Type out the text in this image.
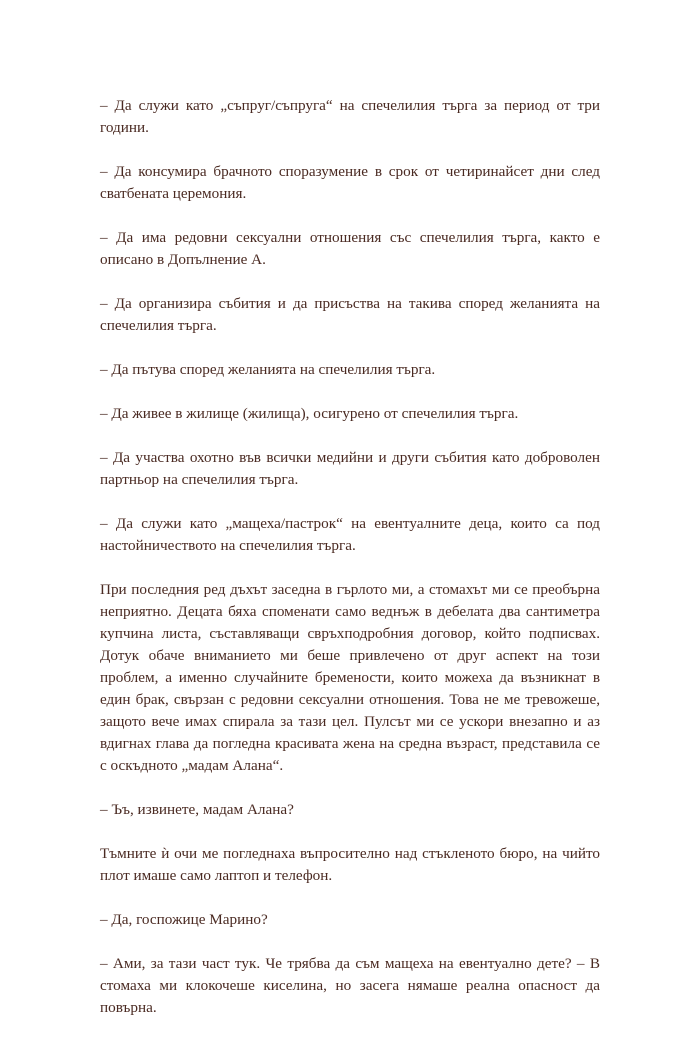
– Да служи като „съпруг/съпруга“ на спечелилия търга за период от три години.

– Да консумира брачното споразумение в срок от четиринайсет дни след сватбената церемония.

– Да има редовни сексуални отношения със спечелилия търга, както е описано в Допълнение А.

– Да организира събития и да присъства на такива според желанията на спечелилия търга.

– Да пътува според желанията на спечелилия търга.

– Да живее в жилище (жилища), осигурено от спечелилия търга.

– Да участва охотно във всички медийни и други събития като доброволен партньор на спечелилия търга.

– Да служи като „мащеха/пастрок“ на евентуалните деца, които са под настойничеството на спечелилия търга.

При последния ред дъхът заседна в гърлото ми, а стомахът ми се преобърна неприятно. Децата бяха споменати само веднъж в дебелата два сантиметра купчина листа, съставляващи свръхподробния договор, който подписвах. Дотук обаче вниманието ми беше привлечено от друг аспект на този проблем, а именно случайните бремености, които можеха да възникнат в един брак, свързан с редовни сексуални отношения. Това не ме тревожеше, защото вече имах спирала за тази цел. Пулсът ми се ускори внезапно и аз вдигнах глава да погледна красивата жена на средна възраст, представила се с оскъдното „мадам Алана“.

– Ъъ, извинете, мадам Алана?

Тъмните ѝ очи ме погледнаха въпросително над стъкленото бюро, на чийто плот имаше само лаптоп и телефон.

– Да, госпожице Марино?

– Ами, за тази част тук. Че трябва да съм мащеха на евентуално дете? – В стомаха ми клокочеше киселина, но засега нямаше реална опасност да повърна.
